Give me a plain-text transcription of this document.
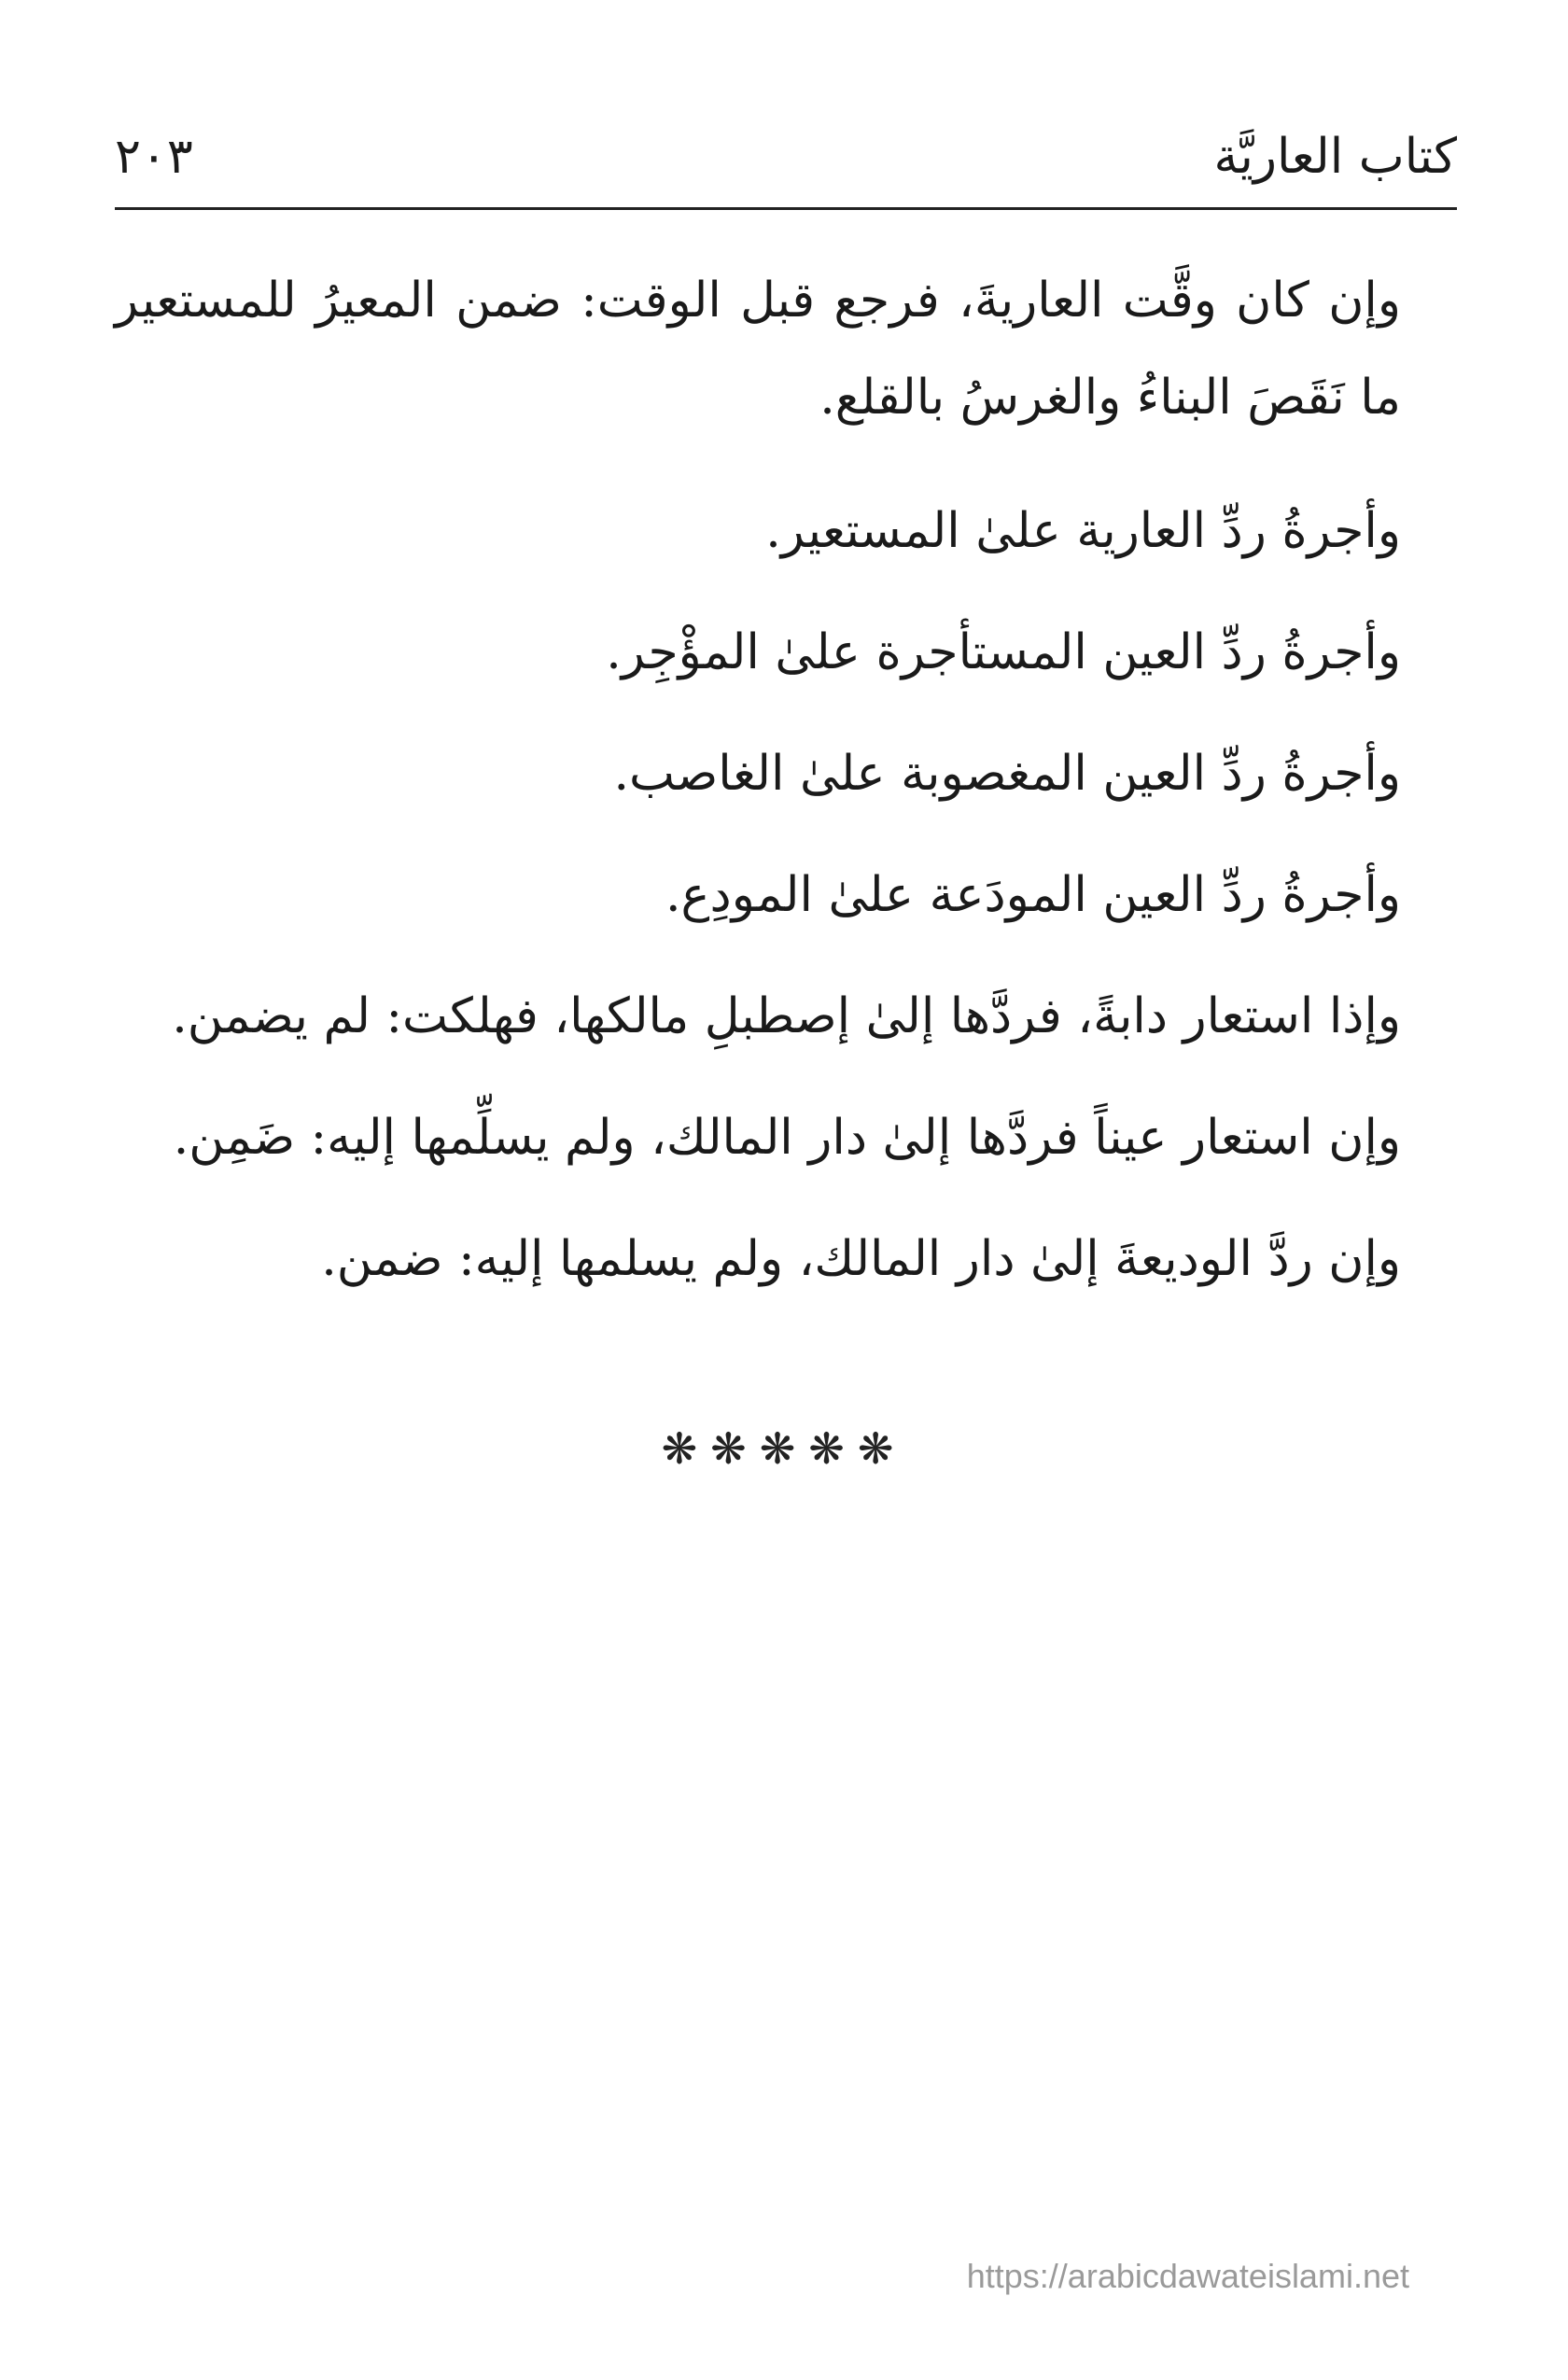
كتاب العاريَّة
٢٠٣

وإن كان وقَّت العاريةَ، فرجع قبل الوقت: ضمن المعيرُ للمستعير ما نَقَصَ البناءُ والغرسُ بالقلع.

وأجرةُ ردِّ العارية علىٰ المستعير.

وأجرةُ ردِّ العين المستأجرة علىٰ المؤْجِر.

وأجرةُ ردِّ العين المغصوبة علىٰ الغاصب.

وأجرةُ ردِّ العين المودَعة علىٰ المودِع.

وإذا استعار دابةً، فردَّها إلىٰ إصطبلِ مالكها، فهلكت: لم يضمن.

وإن استعار عيناً فردَّها إلىٰ دار المالك، ولم يسلِّمها إليه: ضَمِن.

وإن ردَّ الوديعةَ إلىٰ دار المالك، ولم يسلمها إليه: ضمن.

❋❋❋❋❋
https://arabicdawateislami.net
